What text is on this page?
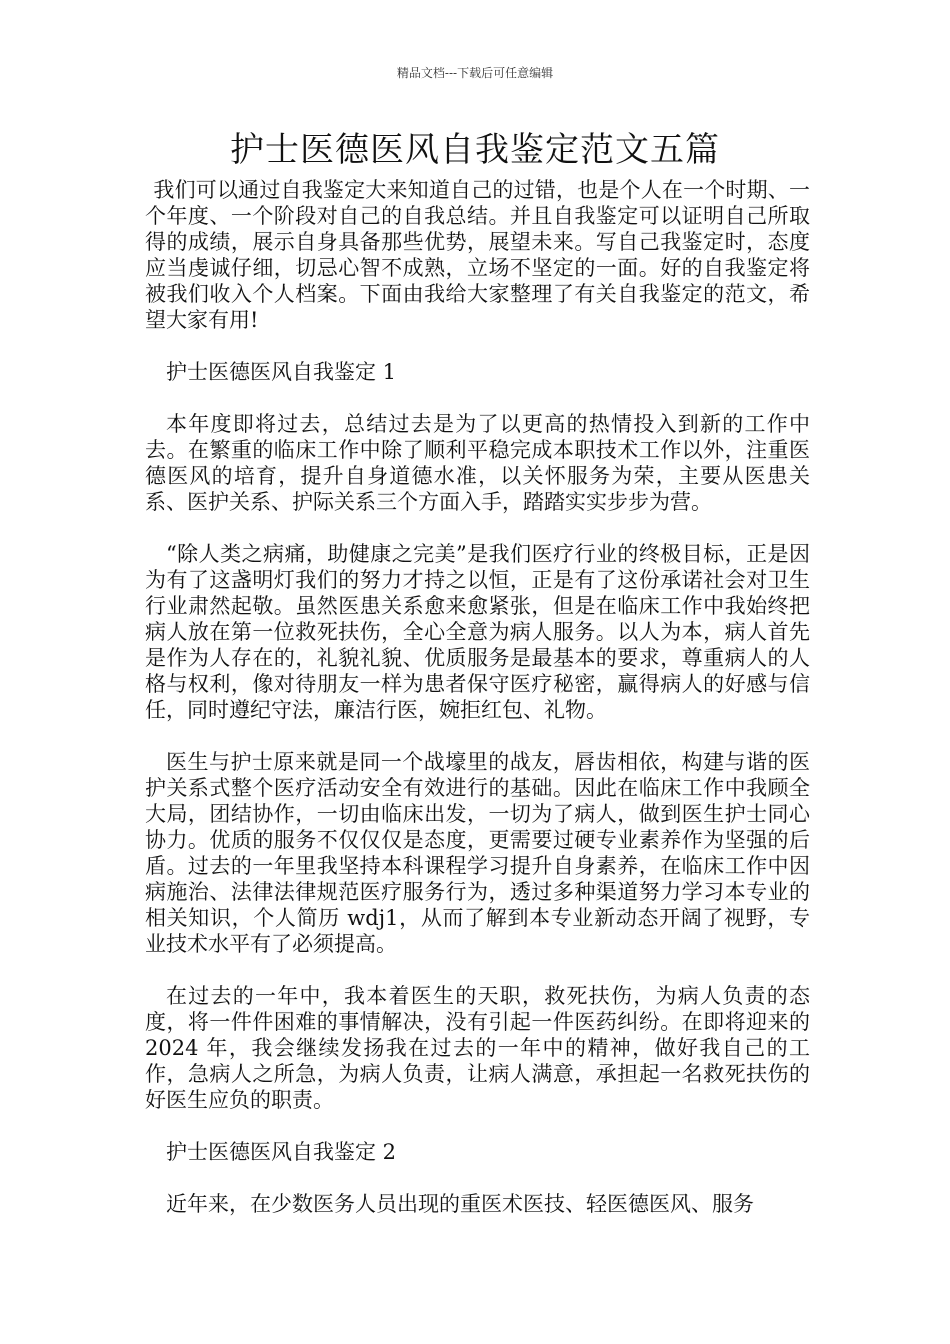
精品文档---下载后可任意编辑
护士医德医风自我鉴定范文五篇

我们可以通过自我鉴定大来知道自己的过错，也是个人在一个时期、一个年度、一个阶段对自己的自我总结。并且自我鉴定可以证明自己所取得的成绩，展示自身具备那些优势，展望未来。写自己我鉴定时，态度应当虔诚仔细，切忌心智不成熟，立场不坚定的一面。好的自我鉴定将被我们收入个人档案。下面由我给大家整理了有关自我鉴定的范文，希望大家有用!

护士医德医风自我鉴定 1

本年度即将过去，总结过去是为了以更高的热情投入到新的工作中去。在繁重的临床工作中除了顺利平稳完成本职技术工作以外，注重医德医风的培育，提升自身道德水准，以关怀服务为荣，主要从医患关系、医护关系、护际关系三个方面入手，踏踏实实步步为营。

“除人类之病痛，助健康之完美”是我们医疗行业的终极目标，正是因为有了这盏明灯我们的努力才持之以恒，正是有了这份承诺社会对卫生行业肃然起敬。虽然医患关系愈来愈紧张，但是在临床工作中我始终把病人放在第一位救死扶伤，全心全意为病人服务。以人为本，病人首先是作为人存在的，礼貌礼貌、优质服务是最基本的要求，尊重病人的人格与权利，像对待朋友一样为患者保守医疗秘密，赢得病人的好感与信任，同时遵纪守法，廉洁行医，婉拒红包、礼物。

医生与护士原来就是同一个战壕里的战友，唇齿相依，构建与谐的医护关系式整个医疗活动安全有效进行的基础。因此在临床工作中我顾全大局，团结协作，一切由临床出发，一切为了病人，做到医生护士同心协力。优质的服务不仅仅仅是态度，更需要过硬专业素养作为坚强的后盾。过去的一年里我坚持本科课程学习提升自身素养，在临床工作中因病施治、法律法律规范医疗服务行为，透过多种渠道努力学习本专业的相关知识，个人简历 wdj1，从而了解到本专业新动态开阔了视野，专业技术水平有了必须提高。

在过去的一年中，我本着医生的天职，救死扶伤，为病人负责的态度，将一件件困难的事情解决，没有引起一件医药纠纷。在即将迎来的 2024 年，我会继续发扬我在过去的一年中的精神，做好我自己的工作，急病人之所急，为病人负责，让病人满意，承担起一名救死扶伤的好医生应负的职责。

护士医德医风自我鉴定 2

近年来，在少数医务人员出现的重医术医技、轻医德医风、服务
